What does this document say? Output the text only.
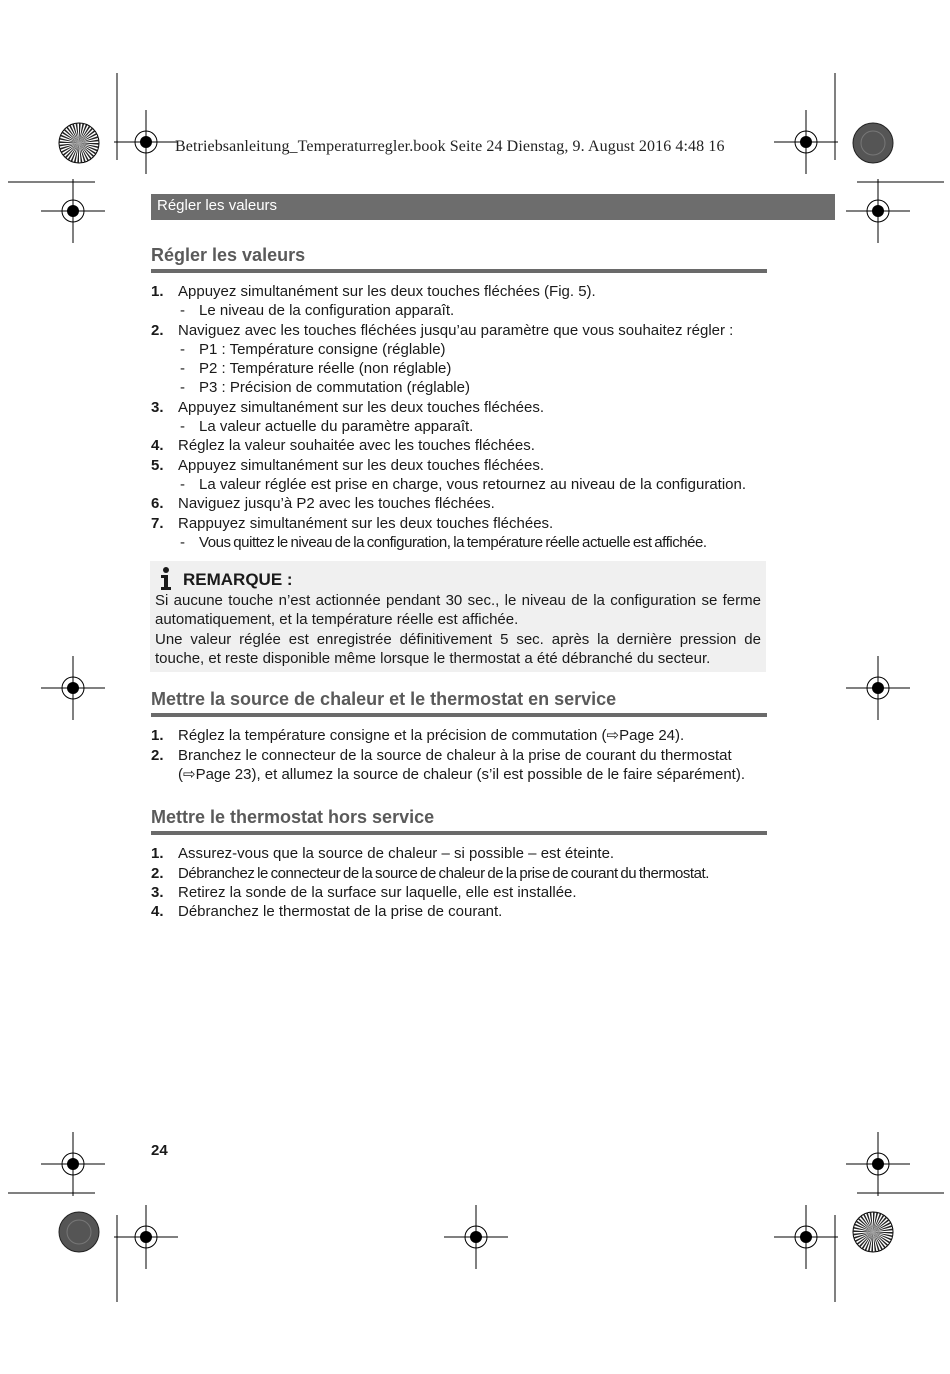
Betriebsanleitung_Temperaturregler.book Seite 24 Dienstag, 9. August 2016 4:48 16
Régler les valeurs
Régler les valeurs
1. Appuyez simultanément sur les deux touches fléchées (Fig. 5).
- Le niveau de la configuration apparaît.
2. Naviguez avec les touches fléchées jusqu’au paramètre que vous souhaitez régler :
- P1 : Température consigne (réglable)
- P2 : Température réelle (non réglable)
- P3 : Précision de commutation (réglable)
3. Appuyez simultanément sur les deux touches fléchées.
- La valeur actuelle du paramètre apparaît.
4. Réglez la valeur souhaitée avec les touches fléchées.
5. Appuyez simultanément sur les deux touches fléchées.
- La valeur réglée est prise en charge, vous retournez au niveau de la configuration.
6. Naviguez jusqu’à P2 avec les touches fléchées.
7. Rappuyez simultanément sur les deux touches fléchées.
- Vous quittez le niveau de la configuration, la température réelle actuelle est affichée.
REMARQUE :

Si aucune touche n’est actionnée pendant 30 sec., le niveau de la configuration se ferme automatiquement, et la température réelle est affichée.

Une valeur réglée est enregistrée définitivement 5 sec. après la dernière pression de touche, et reste disponible même lorsque le thermostat a été débranché du secteur.

Mettre la source de chaleur et le thermostat en service
1. Réglez la température consigne et la précision de commutation (⇨Page 24).
2. Branchez le connecteur de la source de chaleur à la prise de courant du thermostat (⇨Page 23), et allumez la source de chaleur (s’il est possible de le faire séparément).
Mettre le thermostat hors service
1. Assurez-vous que la source de chaleur – si possible – est éteinte.
2. Débranchez le connecteur de la source de chaleur de la prise de courant du thermostat.
3. Retirez la sonde de la surface sur laquelle, elle est installée.
4. Débranchez le thermostat de la prise de courant.
24
